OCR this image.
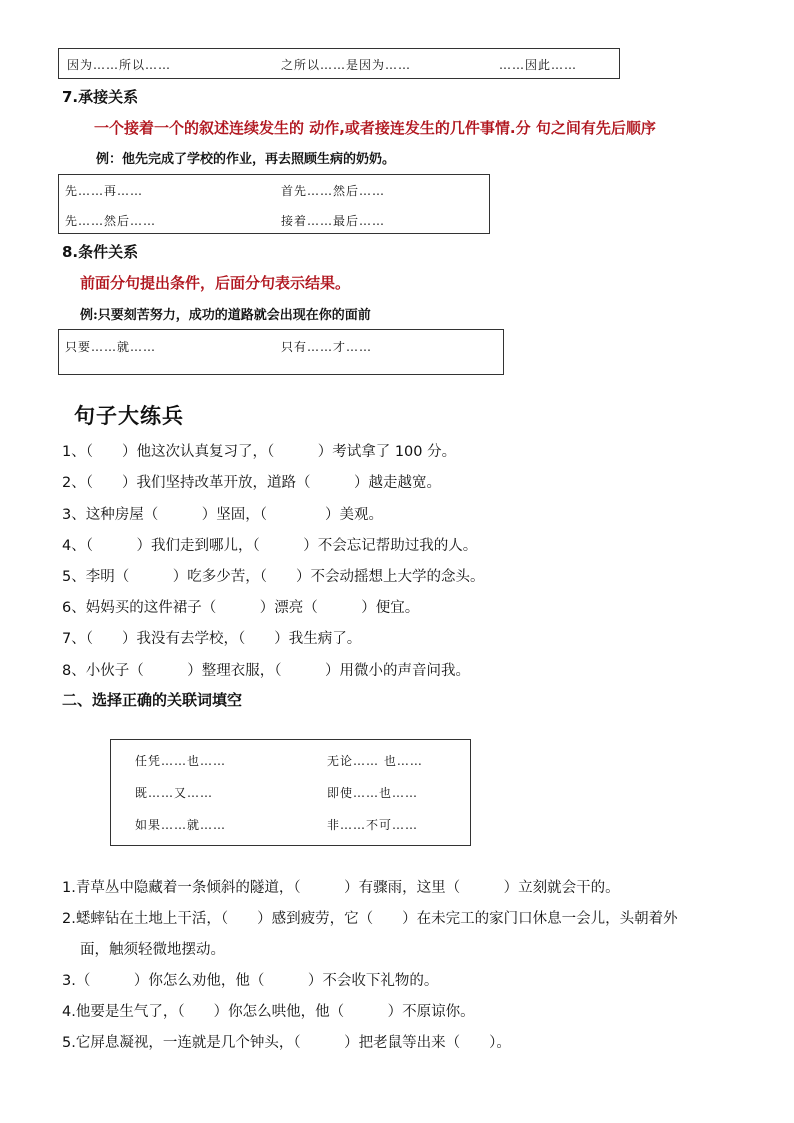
因为……所以……	之所以……是因为……	……因此……
7.承接关系
一个接着一个的叙述连续发生的 动作,或者接连发生的几件事情.分 句之间有先后顺序
例：他先完成了学校的作业，再去照顾生病的奶奶。
先……再……	首先……然后……
先……然后……	接着……最后……
8.条件关系
前面分句提出条件，后面分句表示结果。
例:只要刻苦努力，成功的道路就会出现在你的面前
只要……就……	只有……才……
句子大练兵
1、（　　）他这次认真复习了，（　　　）考试拿了 100 分。
2、（　　）我们坚持改革开放，道路（　　　）越走越宽。
3、这种房屋（　　　）坚固，（　　　　）美观。
4、（　　　）我们走到哪儿，（　　　）不会忘记帮助过我的人。
5、李明（　　　）吃多少苦，（　　）不会动摇想上大学的念头。
6、妈妈买的这件裙子（　　　）漂亮（　　　）便宜。
7、（　　）我没有去学校，（　　）我生病了。
8、小伙子（　　　）整理衣服，（　　　）用微小的声音问我。
二、选择正确的关联词填空
任凭……也……	无论…… 也……
既……又……	即使……也……
如果……就……	非……不可……
1.青草丛中隐藏着一条倾斜的隧道，（　　　）有骤雨，这里（　　　）立刻就会干的。
2.蟋蟀钻在土地上干活，（　　）感到疲劳，它（　　）在未完工的家门口休息一会儿，头朝着外
面，触须轻微地摆动。
3.（　　　）你怎么劝他，他（　　　）不会收下礼物的。
4.他要是生气了，（　　）你怎么哄他，他（　　　）不原谅你。
5.它屏息凝视，一连就是几个钟头，（　　　）把老鼠等出来（　　）。
